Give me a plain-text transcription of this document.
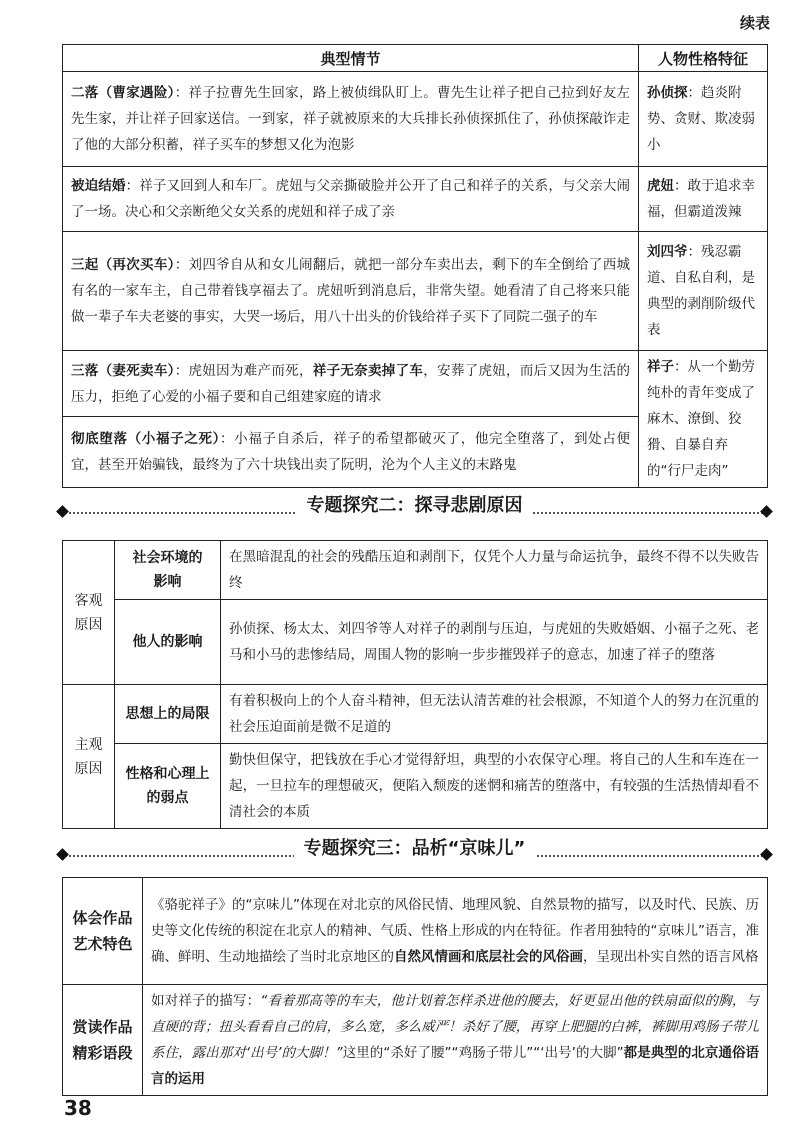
续表
典型情节	人物性格特征
二落（曹家遇险）：祥子拉曹先生回家，路上被侦缉队盯上。曹先生让祥子把自己拉到好友左先生家，并让祥子回家送信。一到家，祥子就被原来的大兵排长孙侦探抓住了，孙侦探敲诈走了他的大部分积蓄，祥子买车的梦想又化为泡影	孙侦探：趋炎附势、贪财、欺凌弱小
被迫结婚：祥子又回到人和车厂。虎妞与父亲撕破脸并公开了自己和祥子的关系，与父亲大闹了一场。决心和父亲断绝父女关系的虎妞和祥子成了亲	虎妞：敢于追求幸福，但霸道泼辣
三起（再次买车）：刘四爷自从和女儿闹翻后，就把一部分车卖出去，剩下的车全倒给了西城有名的一家车主，自己带着钱享福去了。虎妞听到消息后，非常失望。她看清了自己将来只能做一辈子车夫老婆的事实，大哭一场后，用八十出头的价钱给祥子买下了同院二强子的车	刘四爷：残忍霸道、自私自利，是典型的剥削阶级代表
三落（妻死卖车）：虎妞因为难产而死，祥子无奈卖掉了车，安葬了虎妞，而后又因为生活的压力，拒绝了心爱的小福子要和自己组建家庭的请求	祥子：从一个勤劳纯朴的青年变成了麻木、潦倒、狡猾、自暴自弃的“行尸走肉”
彻底堕落（小福子之死）：小福子自杀后，祥子的希望都破灭了，他完全堕落了，到处占便宜，甚至开始骗钱，最终为了六十块钱出卖了阮明，沦为个人主义的末路鬼	
专题探究二：探寻悲剧原因
客观原因	社会环境的影响	在黑暗混乱的社会的残酷压迫和剥削下，仅凭个人力量与命运抗争，最终不得不以失败告终
	他人的影响	孙侦探、杨太太、刘四爷等人对祥子的剥削与压迫，与虎妞的失败婚姻、小福子之死、老马和小马的悲惨结局，周围人物的影响一步步摧毁祥子的意志，加速了祥子的堕落

主观原因	思想上的局限	有着积极向上的个人奋斗精神，但无法认清苦难的社会根源，不知道个人的努力在沉重的社会压迫面前是微不足道的

	性格和心理上的弱点	勤快但保守，把钱放在手心才觉得舒坦，典型的小农保守心理。将自己的人生和车连在一起，一旦拉车的理想破灭，便陷入颓废的迷惘和痛苦的堕落中，有较强的生活热情却看不清社会的本质
专题探究三：品析“京味儿”
体会作品艺术特色	《骆驼祥子》的“京味儿”体现在对北京的风俗民情、地理风貌、自然景物的描写，以及时代、民族、历史等文化传统的积淀在北京人的精神、气质、性格上形成的内在特征。作者用独特的“京味儿”语言，准确、鲜明、生动地描绘了当时北京地区的自然风情画和底层社会的风俗画，呈现出朴实自然的语言风格

赏读作品精彩语段	如对祥子的描写：“看着那高等的车夫，他计划着怎样杀进他的腰去，好更显出他的铁扇面似的胸，与直硬的背；扭头看看自己的肩，多么宽，多么威严！杀好了腰，再穿上肥腿的白裤，裤脚用鸡肠子带儿系住，露出那对‘出号’的大脚！”这里的“杀好了腰”“鸡肠子带儿”“‘出号’的大脚”都是典型的北京通俗语言的运用
38
